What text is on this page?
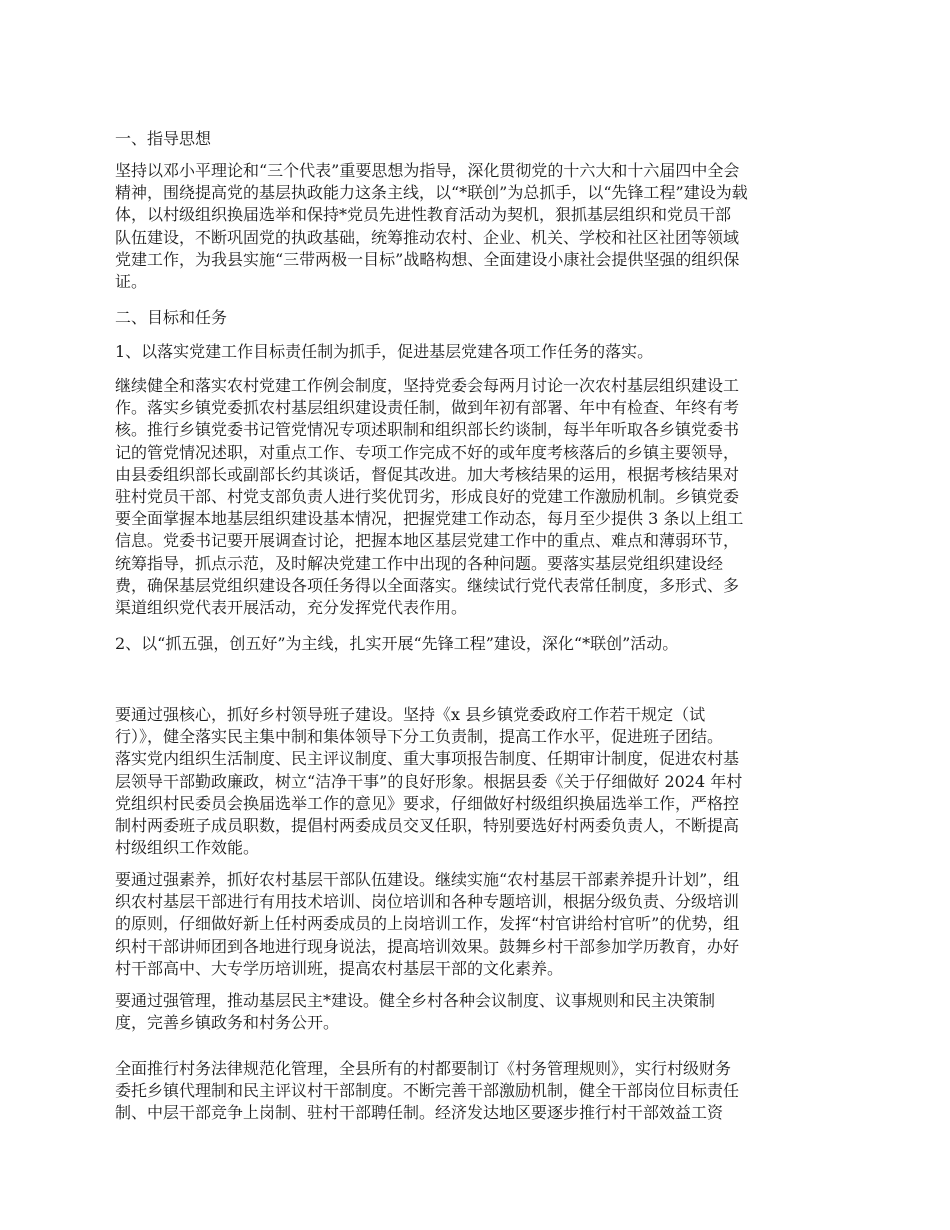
一、指导思想

坚持以邓小平理论和“三个代表”重要思想为指导，深化贯彻党的十六大和十六届四中全会
精神，围绕提高党的基层执政能力这条主线，以“*联创”为总抓手，以“先锋工程”建设为载
体，以村级组织换届选举和保持*党员先进性教育活动为契机，狠抓基层组织和党员干部
队伍建设，不断巩固党的执政基础，统筹推动农村、企业、机关、学校和社区社团等领域
党建工作，为我县实施“三带两极一目标”战略构想、全面建设小康社会提供坚强的组织保
证。

二、目标和任务

1、以落实党建工作目标责任制为抓手，促进基层党建各项工作任务的落实。

继续健全和落实农村党建工作例会制度，坚持党委会每两月讨论一次农村基层组织建设工
作。落实乡镇党委抓农村基层组织建设责任制，做到年初有部署、年中有检查、年终有考
核。推行乡镇党委书记管党情况专项述职制和组织部长约谈制，每半年听取各乡镇党委书
记的管党情况述职，对重点工作、专项工作完成不好的或年度考核落后的乡镇主要领导，
由县委组织部长或副部长约其谈话，督促其改进。加大考核结果的运用，根据考核结果对
驻村党员干部、村党支部负责人进行奖优罚劣，形成良好的党建工作激励机制。乡镇党委
要全面掌握本地基层组织建设基本情况，把握党建工作动态，每月至少提供 3 条以上组工
信息。党委书记要开展调查讨论，把握本地区基层党建工作中的重点、难点和薄弱环节，
统筹指导，抓点示范，及时解决党建工作中出现的各种问题。要落实基层党组织建设经
费，确保基层党组织建设各项任务得以全面落实。继续试行党代表常任制度，多形式、多
渠道组织党代表开展活动，充分发挥党代表作用。

2、以“抓五强，创五好”为主线，扎实开展“先锋工程”建设，深化“*联创”活动。

要通过强核心，抓好乡村领导班子建设。坚持《x 县乡镇党委政府工作若干规定（试
行）》，健全落实民主集中制和集体领导下分工负责制，提高工作水平，促进班子团结。
落实党内组织生活制度、民主评议制度、重大事项报告制度、任期审计制度，促进农村基
层领导干部勤政廉政，树立“洁净干事”的良好形象。根据县委《关于仔细做好 2024 年村
党组织村民委员会换届选举工作的意见》要求，仔细做好村级组织换届选举工作，严格控
制村两委班子成员职数，提倡村两委成员交叉任职，特别要选好村两委负责人，不断提高
村级组织工作效能。

要通过强素养，抓好农村基层干部队伍建设。继续实施“农村基层干部素养提升计划”，组
织农村基层干部进行有用技术培训、岗位培训和各种专题培训，根据分级负责、分级培训
的原则，仔细做好新上任村两委成员的上岗培训工作，发挥“村官讲给村官听”的优势，组
织村干部讲师团到各地进行现身说法，提高培训效果。鼓舞乡村干部参加学历教育，办好
村干部高中、大专学历培训班，提高农村基层干部的文化素养。

要通过强管理，推动基层民主*建设。健全乡村各种会议制度、议事规则和民主决策制
度，完善乡镇政务和村务公开。

全面推行村务法律规范化管理，全县所有的村都要制订《村务管理规则》，实行村级财务
委托乡镇代理制和民主评议村干部制度。不断完善干部激励机制，健全干部岗位目标责任
制、中层干部竞争上岗制、驻村干部聘任制。经济发达地区要逐步推行村干部效益工资
